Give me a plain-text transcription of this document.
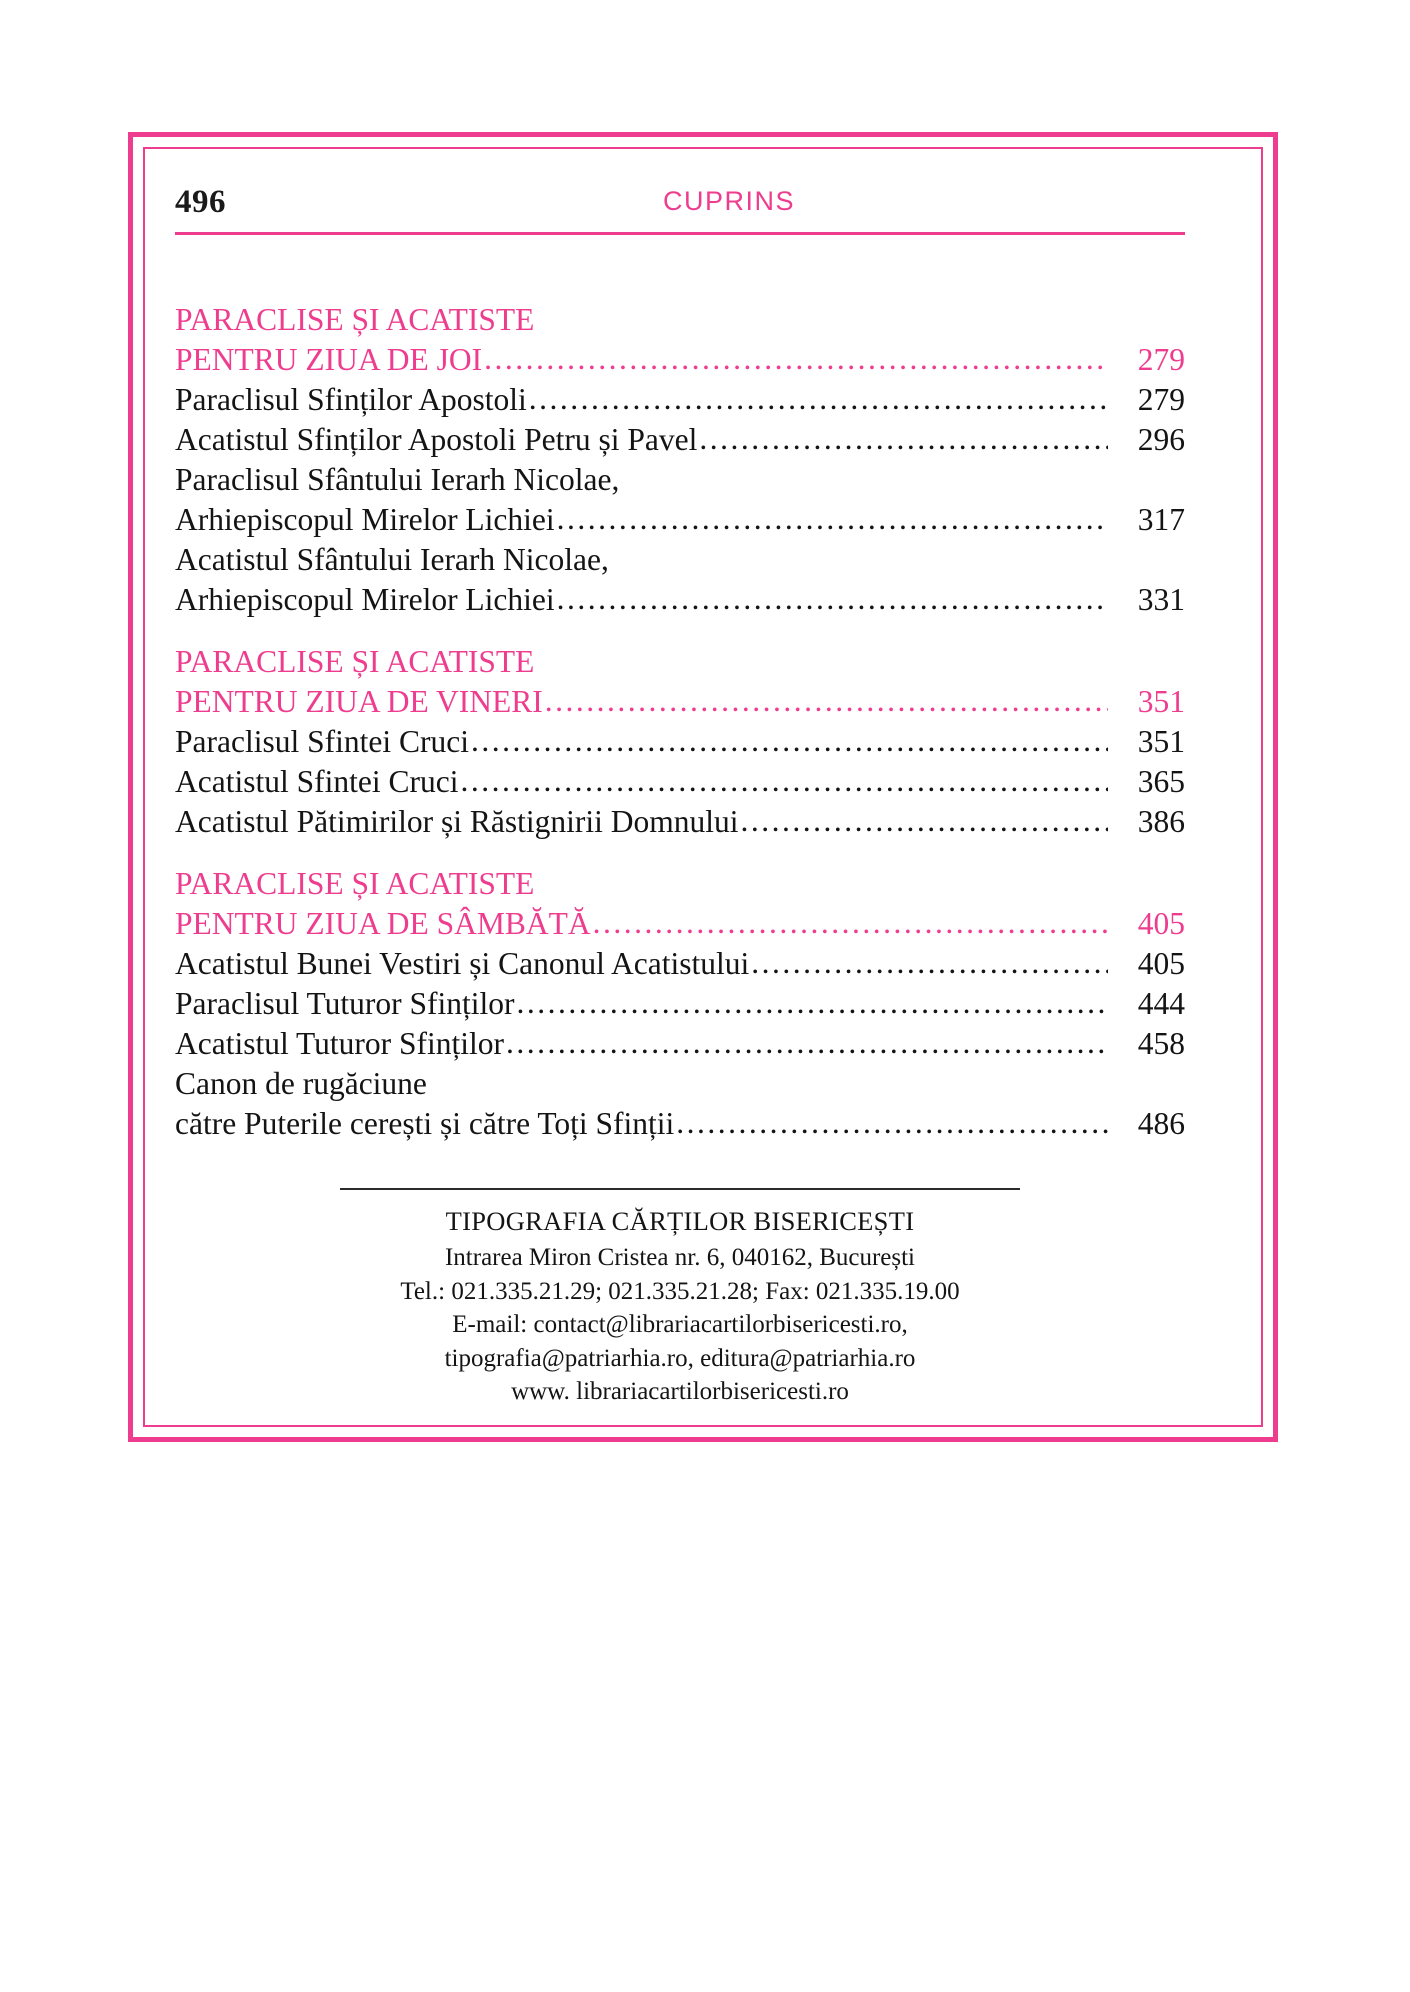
496	CUPRINS
PARACLISE ȘI ACATISTE
PENTRU ZIUA DE JOI .....	279
Paraclisul Sfinților Apostoli .....	279
Acatistul Sfinților Apostoli Petru și Pavel .....	296
Paraclisul Sfântului Ierarh Nicolae,
Arhiepiscopul Mirelor Lichiei .....	317
Acatistul Sfântului Ierarh Nicolae,
Arhiepiscopul Mirelor Lichiei .....	331
PARACLISE ȘI ACATISTE
PENTRU ZIUA DE VINERI .....	351
Paraclisul Sfintei Cruci .....	351
Acatistul Sfintei Cruci .....	365
Acatistul Pătimirilor și Răstignirii Domnului .....	386
PARACLISE ȘI ACATISTE
PENTRU ZIUA DE SÂMBĂTĂ .....	405
Acatistul Bunei Vestiri și Canonul Acatistului .....	405
Paraclisul Tuturor Sfinților .....	444
Acatistul Tuturor Sfinților .....	458
Canon de rugăciune
către Puterile cerești și către Toți Sfinții .....	486
TIPOGRAFIA CĂRȚILOR BISERICEȘTI
Intrarea Miron Cristea nr. 6, 040162, București
Tel.: 021.335.21.29; 021.335.21.28; Fax: 021.335.19.00
E-mail: contact@librariacartilorbisericesti.ro,
tipografia@patriarhia.ro, editura@patriarhia.ro
www. librariacartilorbisericesti.ro
